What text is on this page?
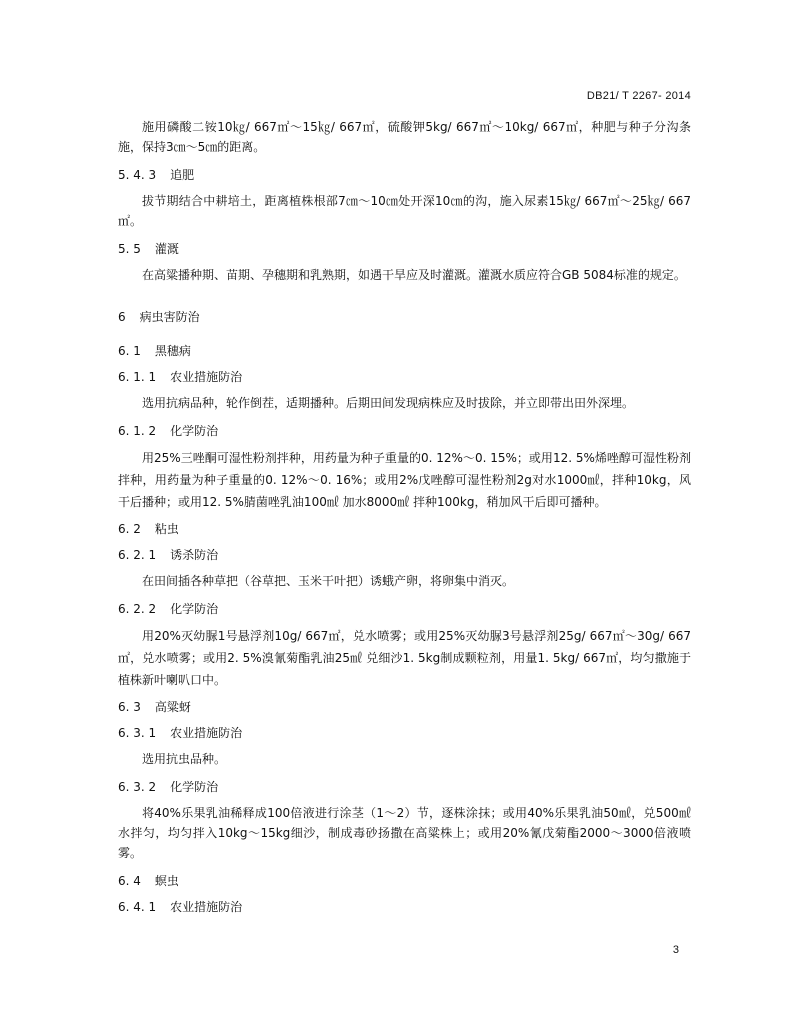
DB21/ T 2267- 2014
施用磷酸二铵10㎏/ 667㎡～15㎏/ 667㎡，硫酸钾5kg/ 667㎡～10kg/ 667㎡，种肥与种子分沟条施，保持3㎝～5㎝的距离。
5. 4. 3 追肥
拔节期结合中耕培土，距离植株根部7㎝～10㎝处开深10㎝的沟，施入尿素15㎏/ 667㎡～25㎏/ 667㎡。
5. 5 灌溉
在高粱播种期、苗期、孕穗期和乳熟期，如遇干旱应及时灌溉。灌溉水质应符合GB 5084标准的规定。
6 病虫害防治
6. 1 黑穗病
6. 1. 1 农业措施防治
选用抗病品种，轮作倒茬，适期播种。后期田间发现病株应及时拔除，并立即带出田外深埋。
6. 1. 2 化学防治
用25%三唑酮可湿性粉剂拌种，用药量为种子重量的0. 12%～0. 15%；或用12. 5%烯唑醇可湿性粉剂拌种，用药量为种子重量的0. 12%～0. 16%；或用2%戊唑醇可湿性粉剂2g对水1000㎖，拌种10kg，风干后播种；或用12. 5%腈菌唑乳油100㎖ 加水8000㎖ 拌种100kg，稍加风干后即可播种。
6. 2 粘虫
6. 2. 1 诱杀防治
在田间插各种草把（谷草把、玉米干叶把）诱蛾产卵，将卵集中消灭。
6. 2. 2 化学防治
用20%灭幼脲1号悬浮剂10g/ 667㎡，兑水喷雾；或用25%灭幼脲3号悬浮剂25g/ 667㎡～30g/ 667㎡，兑水喷雾；或用2. 5%溴氰菊酯乳油25㎖ 兑细沙1. 5kg制成颗粒剂，用量1. 5kg/ 667㎡，均匀撒施于植株新叶喇叭口中。
6. 3 高粱蚜
6. 3. 1 农业措施防治
选用抗虫品种。
6. 3. 2 化学防治
将40%乐果乳油稀释成100倍液进行涂茎（1～2）节，逐株涂抹；或用40%乐果乳油50㎖，兑500㎖水拌匀，均匀拌入10kg～15kg细沙，制成毒砂扬撒在高粱株上；或用20%氰戊菊酯2000～3000倍液喷雾。
6. 4 螟虫
6. 4. 1 农业措施防治
3
